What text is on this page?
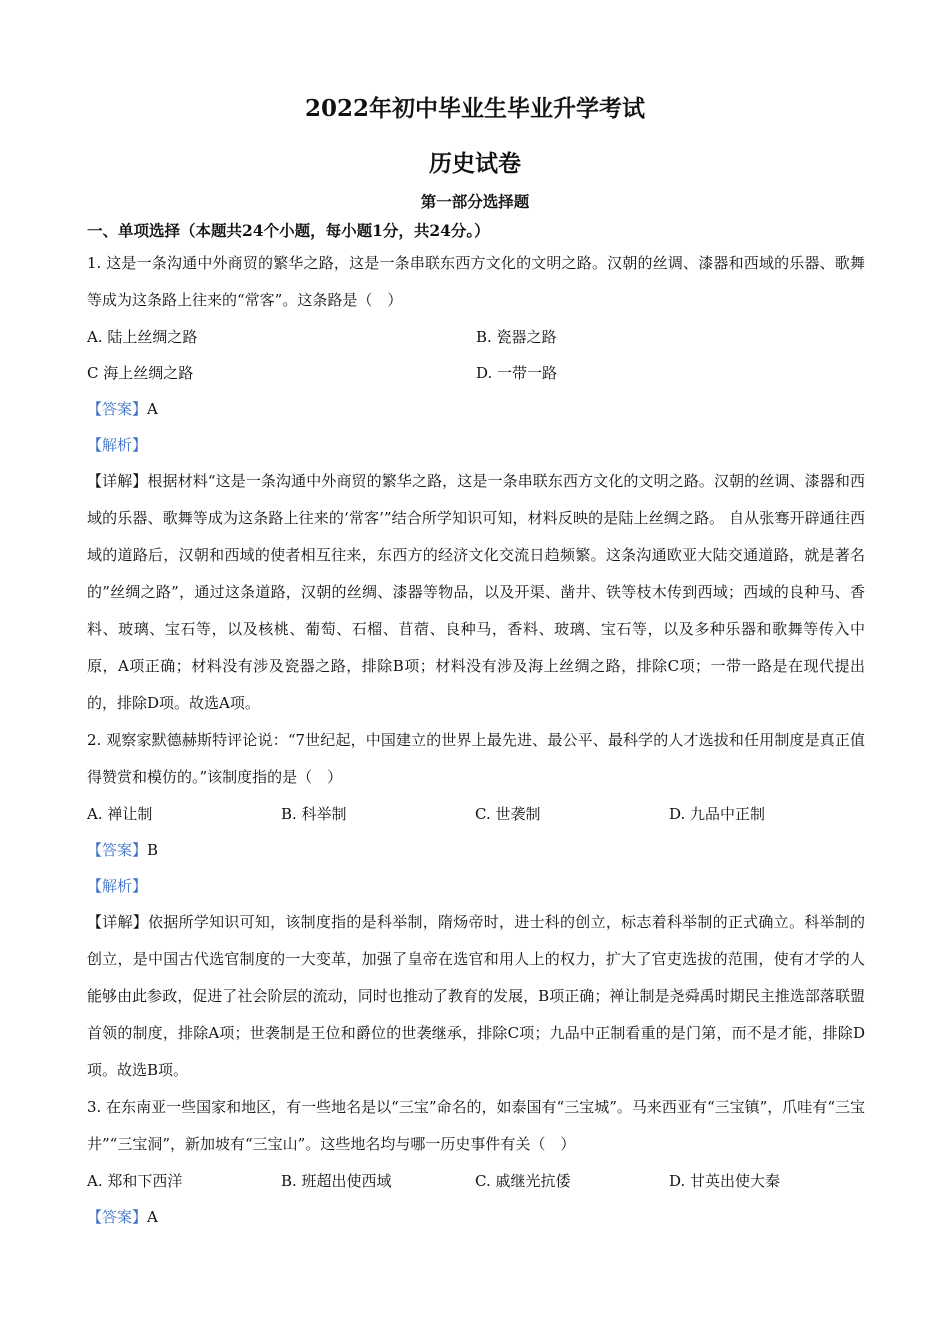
2022年初中毕业生毕业升学考试
历史试卷
第一部分选择题
一、单项选择（本题共24个小题，每小题1分，共24分。）
1. 这是一条沟通中外商贸的繁华之路，这是一条串联东西方文化的文明之路。汉朝的丝调、漆器和西域的乐器、歌舞等成为这条路上往来的“常客”。这条路是（　）
A. 陆上丝绸之路	B. 瓷器之路
C 海上丝绸之路	D. 一带一路
【答案】A
【解析】
【详解】根据材料“这是一条沟通中外商贸的繁华之路，这是一条串联东西方文化的文明之路。汉朝的丝调、漆器和西域的乐器、歌舞等成为这条路上往来的‘常客’”结合所学知识可知，材料反映的是陆上丝绸之路。 自从张骞开辟通往西域的道路后，汉朝和西域的使者相互往来，东西方的经济文化交流日趋频繁。这条沟通欧亚大陆交通道路，就是著名的”丝绸之路”，通过这条道路，汉朝的丝绸、漆器等物品，以及开渠、凿井、铁等枝木传到西域；西域的良种马、香料、玻璃、宝石等，以及核桃、葡萄、石榴、苜蓿、良种马，香料、玻璃、宝石等，以及多种乐器和歌舞等传入中原，A项正确；材料没有涉及瓷器之路，排除B项；材料没有涉及海上丝绸之路，排除C项；一带一路是在现代提出的，排除D项。故选A项。
2. 观察家默德赫斯特评论说：“7世纪起，中国建立的世界上最先进、最公平、最科学的人才选拔和任用制度是真正值得赞赏和模仿的。”该制度指的是（　）
A. 禅让制	B. 科举制	C. 世袭制	D. 九品中正制
【答案】B
【解析】
【详解】依据所学知识可知，该制度指的是科举制，隋炀帝时，进士科的创立，标志着科举制的正式确立。科举制的创立，是中国古代选官制度的一大变革，加强了皇帝在选官和用人上的权力，扩大了官吏选拔的范围，使有才学的人能够由此参政，促进了社会阶层的流动，同时也推动了教育的发展，B项正确；禅让制是尧舜禹时期民主推选部落联盟首领的制度，排除A项；世袭制是王位和爵位的世袭继承，排除C项；九品中正制看重的是门第，而不是才能，排除D项。故选B项。
3. 在东南亚一些国家和地区，有一些地名是以“三宝”命名的，如泰国有“三宝城”。马来西亚有“三宝镇”，爪哇有“三宝井”“三宝洞”，新加坡有“三宝山”。这些地名均与哪一历史事件有关（　）
A. 郑和下西洋	B. 班超出使西域	C. 戚继光抗倭	D. 甘英出使大秦
【答案】A
